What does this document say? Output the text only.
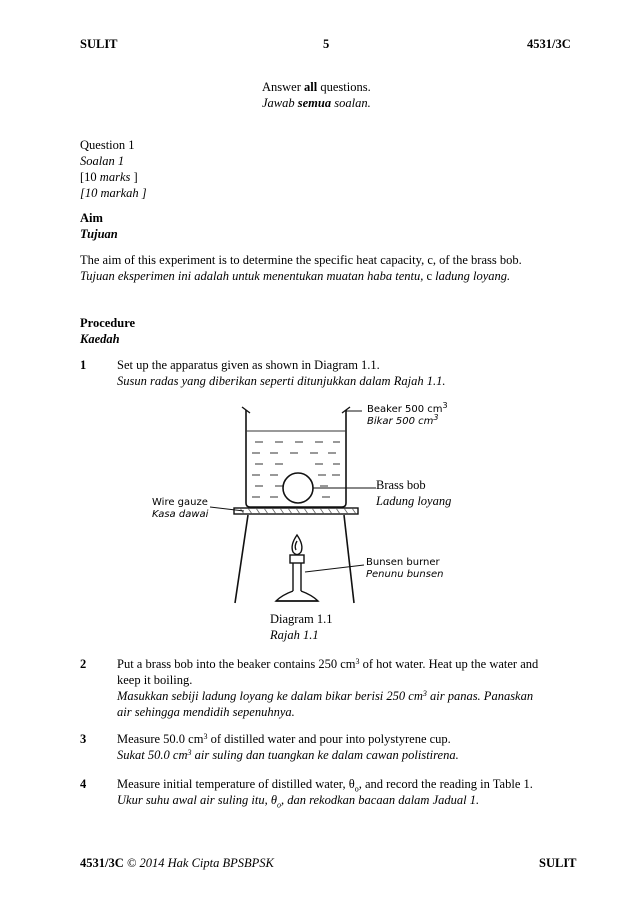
SULIT	5	4531/3C
Answer all questions.
Jawab semua soalan.
Question 1
Soalan 1
[10 marks ]
[10 markah ]
Aim
Tujuan
The aim of this experiment is to determine the specific heat capacity, c, of the brass bob.
Tujuan eksperimen ini adalah untuk menentukan muatan haba tentu, c ladung loyang.
Procedure
Kaedah
1 Set up the apparatus given as shown in Diagram 1.1.
Susun radas yang diberikan seperti ditunjukkan dalam Rajah 1.1.
Beaker 500 $cm^3$
Bikar 500 $cm^3$
Brass bob
Ladung loyang
Wire gauze
Kasa dawai
Bunsen burner
Penunu bunsen
Diagram 1.1
Rajah 1.1
2 Put a brass bob into the beaker contains 250 $cm^3$ of hot water. Heat up the water and
keep it boiling.
Masukkan sebiji ladung loyang ke dalam bikar berisi 250 $cm^3$ air panas. Panaskan
air sehingga mendidih sepenuhnya.
3 Measure 50.0 $cm^3$ of distilled water and pour into polystyrene cup.
Sukat 50.0 $cm^3$ air suling dan tuangkan ke dalam cawan polistirena.
4 Measure initial temperature of distilled water, $\theta_o$, and record the reading in Table 1.
Ukur suhu awal air suling itu, $\theta_o$, dan rekodkan bacaan dalam Jadual 1.
4531/3C © 2014 Hak Cipta BPSBPSK	SULIT
